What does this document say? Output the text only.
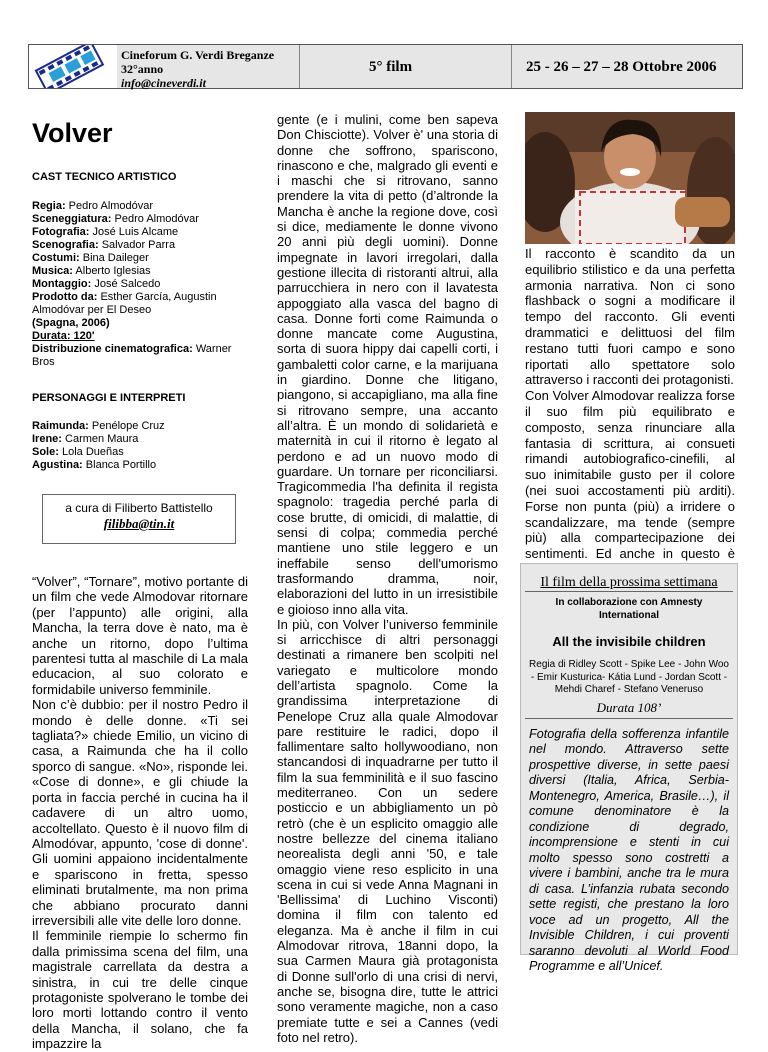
Cineforum G. Verdi Breganze
32°anno
info@cineverdi.it
5° film	25 - 26 – 27 – 28 Ottobre 2006
Volver
CAST TECNICO ARTISTICO
Regia: Pedro Almodóvar
Sceneggiatura: Pedro Almodóvar
Fotografia: José Luis Alcame
Scenografia: Salvador Parra
Costumi: Bina Daileger
Musica: Alberto Iglesias
Montaggio: José Salcedo
Prodotto da: Esther García, Augustin Almodóvar per El Deseo
(Spagna, 2006)
Durata: 120'
Distribuzione cinematografica: Warner Bros
PERSONAGGI E INTERPRETI
Raimunda: Penélope Cruz
Irene: Carmen Maura
Sole: Lola Dueñas
Agustina: Blanca Portillo
a cura di Filiberto Battistello
filibba@tin.it

“Volver”, “Tornare”, motivo portante di un film che vede Almodovar ritornare (per l’appunto) alle origini, alla Mancha, la terra dove è nato, ma è anche un ritorno, dopo l’ultima parentesi tutta al maschile di La mala educacion, al suo colorato e formidabile universo femminile.

Non c’è dubbio: per il nostro Pedro il mondo è delle donne. «Ti sei tagliata?» chiede Emilio, un vicino di casa, a Raimunda che ha il collo sporco di sangue. «No», risponde lei. «Cose di donne», e gli chiude la porta in faccia perché in cucina ha il cadavere di un altro uomo, accoltellato. Questo è il nuovo film di Almodóvar, appunto, 'cose di donne'. Gli uomini appaiono incidentalmente e spariscono in fretta, spesso eliminati brutalmente, ma non prima che abbiano procurato danni irreversibili alle vite delle loro donne.

Il femminile riempie lo schermo fin dalla primissima scena del film, una magistrale carrellata da destra a sinistra, in cui tre delle cinque protagoniste spolverano le tombe dei loro morti lottando contro il vento della Mancha, il solano, che fa impazzire la

gente (e i mulini, come ben sapeva Don Chisciotte). Volver è' una storia di donne che soffrono, spariscono, rinascono e che, malgrado gli eventi e i maschi che si ritrovano, sanno prendere la vita di petto (d’altronde la Mancha è anche la regione dove, così si dice, mediamente le donne vivono 20 anni più degli uomini). Donne impegnate in lavori irregolari, dalla gestione illecita di ristoranti altrui, alla parrucchiera in nero con il lavatesta appoggiato alla vasca del bagno di casa. Donne forti come Raimunda o donne mancate come Augustina, sorta di suora hippy dai capelli corti, i gambaletti color carne, e la marijuana in giardino. Donne che litigano, piangono, si accapigliano, ma alla fine si ritrovano sempre, una accanto all’altra. È un mondo di solidarietà e maternità in cui il ritorno è legato al perdono e ad un nuovo modo di guardare. Un tornare per riconciliarsi. Tragicommedia l'ha definita il regista spagnolo: tragedia perché parla di cose brutte, di omicidi, di malattie, di sensi di colpa; commedia perché mantiene uno stile leggero e un ineffabile senso dell'umorismo trasformando dramma, noir, elaborazioni del lutto in un irresistibile e gioioso inno alla vita.

In più, con Volver l’universo femminile si arricchisce di altri personaggi destinati a rimanere ben scolpiti nel variegato e multicolore mondo dell’artista spagnolo. Come la grandissima interpretazione di Penelope Cruz alla quale Almodovar pare restituire le radici, dopo il fallimentare salto hollywoodiano, non stancandosi di inquadrarne per tutto il film la sua femminilità e il suo fascino mediterraneo. Con un sedere posticcio e un abbigliamento un pò retrò (che è un esplicito omaggio alle nostre bellezze del cinema italiano neorealista degli anni '50, e tale omaggio viene reso esplicito in una scena in cui si vede Anna Magnani in 'Bellissima' di Luchino Visconti) domina il film con talento ed eleganza. Ma è anche il film in cui Almodovar ritrova, 18anni dopo, la sua Carmen Maura già protagonista di Donne sull'orlo di una crisi di nervi, anche se, bisogna dire, tutte le attrici sono veramente magiche, non a caso premiate tutte e sei a Cannes (vedi foto nel retro).

Il racconto è scandito da un equilibrio stilistico e da una perfetta armonia narrativa. Non ci sono flashback o sogni a modificare il tempo del racconto. Gli eventi drammatici e delittuosi del film restano tutti fuori campo e sono riportati allo spettatore solo attraverso i racconti dei protagonisti.

Con Volver Almodovar realizza forse il suo film più equilibrato e composto, senza rinunciare alla fantasia di scrittura, ai consueti rimandi autobiografico-cinefili, al suo inimitabile gusto per il colore (nei suoi accostamenti più arditi). Forse non punta (più) a irridere o scandalizzare, ma tende (sempre più) alla compartecipazione dei sentimenti. Ed anche in questo è

Il film della prossima settimana
In collaborazione con Amnesty International
All the invisibile children
Regia di Ridley Scott - Spike Lee - John Woo - Emir Kusturica- Kátia Lund - Jordan Scott - Mehdi Charef - Stefano Veneruso
Durata 108’
Fotografia della sofferenza infantile nel mondo. Attraverso sette prospettive diverse, in sette paesi diversi (Italia, Africa, Serbia-Montenegro, America, Brasile…), il comune denominatore è la condizione di degrado, incomprensione e stenti in cui molto spesso sono costretti a vivere i bambini, anche tra le mura di casa. L’infanzia rubata secondo sette registi, che prestano la loro voce ad un progetto, All the Invisible Children, i cui proventi saranno devoluti al World Food Programme e all’Unicef.
